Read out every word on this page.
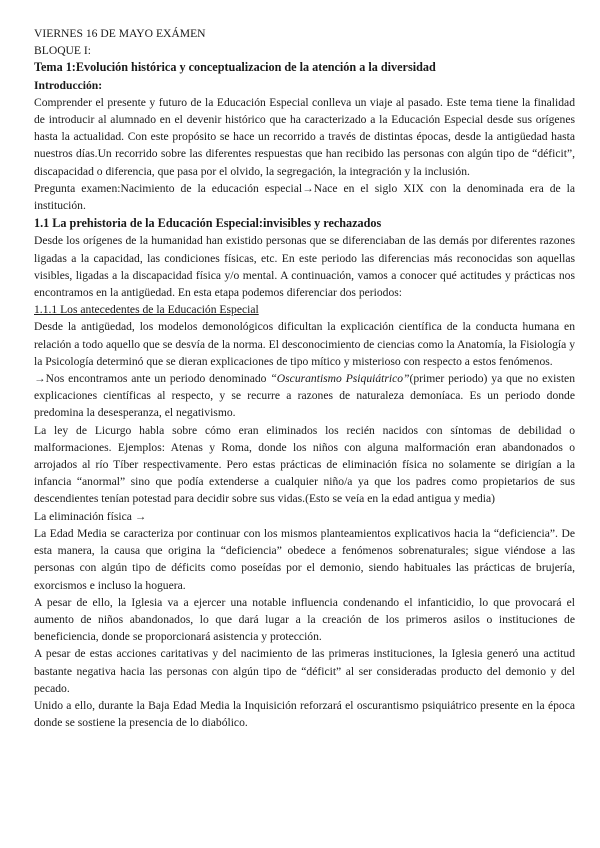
VIERNES 16 DE MAYO EXÁMEN
BLOQUE I:
Tema 1:Evolución histórica y conceptualizacion de la atención a la diversidad
Introducción:

Comprender el presente y futuro de la Educación Especial conlleva un viaje al pasado. Este tema tiene la finalidad de introducir al alumnado en el devenir histórico que ha caracterizado a la Educación Especial desde sus orígenes hasta la actualidad. Con este propósito se hace un recorrido a través de distintas épocas, desde la antigüedad hasta nuestros días.Un recorrido sobre las diferentes respuestas que han recibido las personas con algún tipo de “déficit”, discapacidad o diferencia, que pasa por el olvido, la segregación, la integración y la inclusión.

Pregunta examen:Nacimiento de la educación especial→Nace en el siglo XIX con la denominada era de la institución.

1.1 La prehistoria de la Educación Especial:invisibles y rechazados

Desde los orígenes de la humanidad han existido personas que se diferenciaban de las demás por diferentes razones ligadas a la capacidad, las condiciones físicas, etc. En este periodo las diferencias más reconocidas son aquellas visibles, ligadas a la discapacidad física y/o mental. A continuación, vamos a conocer qué actitudes y prácticas nos encontramos en la antigüedad. En esta etapa podemos diferenciar dos periodos:

1.1.1 Los antecedentes de la Educación Especial

Desde la antigüedad, los modelos demonológicos dificultan la explicación científica de la conducta humana en relación a todo aquello que se desvía de la norma. El desconocimiento de ciencias como la Anatomía, la Fisiología y la Psicología determinó que se dieran explicaciones de tipo mítico y misterioso con respecto a estos fenómenos.

→Nos encontramos ante un periodo denominado “Oscurantismo Psiquiátrico”(primer periodo) ya que no existen explicaciones científicas al respecto, y se recurre a razones de naturaleza demoníaca. Es un periodo donde predomina la desesperanza, el negativismo.

La ley de Licurgo habla sobre cómo eran eliminados los recién nacidos con síntomas de debilidad o malformaciones. Ejemplos: Atenas y Roma, donde los niños con alguna malformación eran abandonados o arrojados al río Tíber respectivamente. Pero estas prácticas de eliminación física no solamente se dirigían a la infancia “anormal” sino que podía extenderse a cualquier niño/a ya que los padres como propietarios de sus descendientes tenían potestad para decidir sobre sus vidas.(Esto se veía en la edad antigua y media)

La eliminación física →

La Edad Media se caracteriza por continuar con los mismos planteamientos explicativos hacia la “deficiencia”. De esta manera, la causa que origina la “deficiencia” obedece a fenómenos sobrenaturales; sigue viéndose a las personas con algún tipo de déficits como poseídas por el demonio, siendo habituales las prácticas de brujería, exorcismos e incluso la hoguera.

A pesar de ello, la Iglesia va a ejercer una notable influencia condenando el infanticidio, lo que provocará el aumento de niños abandonados, lo que dará lugar a la creación de los primeros asilos o instituciones de beneficiencia, donde se proporcionará asistencia y protección.

A pesar de estas acciones caritativas y del nacimiento de las primeras instituciones, la Iglesia generó una actitud bastante negativa hacia las personas con algún tipo de “déficit” al ser consideradas producto del demonio y del pecado.

Unido a ello, durante la Baja Edad Media la Inquisición reforzará el oscurantismo psiquiátrico presente en la época donde se sostiene la presencia de lo diabólico.
